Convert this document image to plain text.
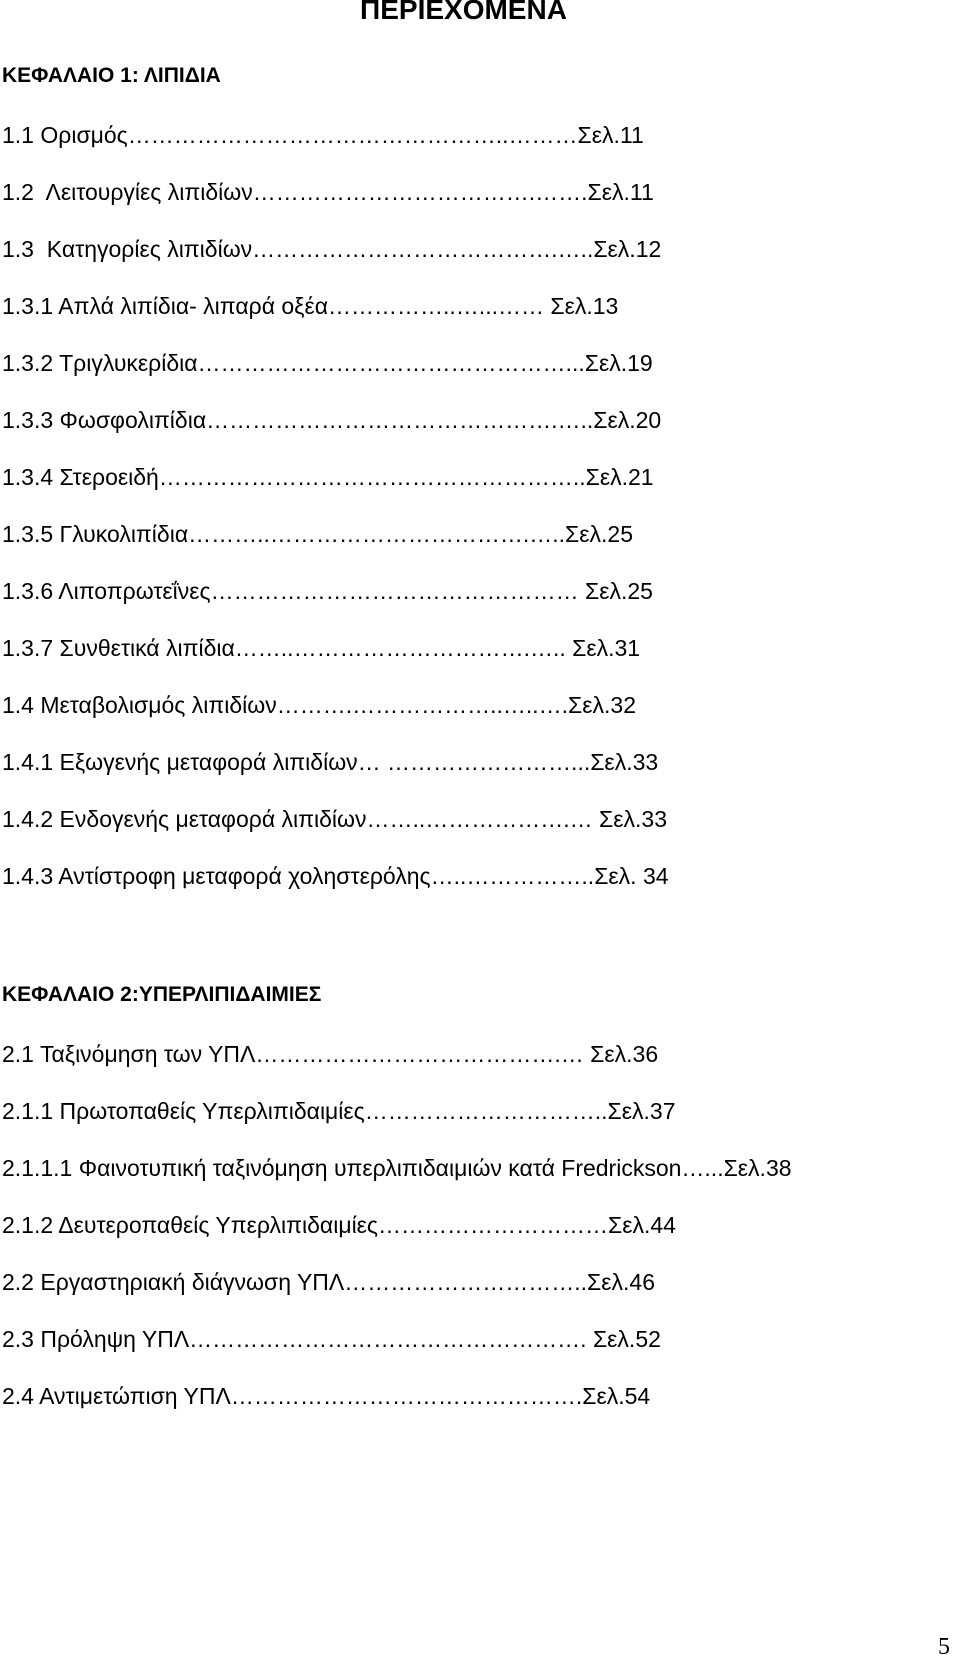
ΠΕΡΙΕΧΟΜΕΝΑ
ΚΕΦΑΛΑΙΟ 1: ΛΙΠΙΔΙΑ
1.1 Ορισμός…………………………………………..………Σελ.11
1.2  Λειτουργίες λιπιδίων……………………………….…….Σελ.11
1.3  Κατηγορίες λιπιδίων………………………………….…..Σελ.12
1.3.1 Απλά λιπίδια- λιπαρά οξέα……………..…...…… Σελ.13
1.3.2 Τριγλυκερίδια…………………………………………...Σελ.19
1.3.3 Φωσφολιπίδια……………………………………….…..Σελ.20
1.3.4 Στεροειδή………………………………………………..Σελ.21
1.3.5 Γλυκολιπίδια………..…………………………….…..Σελ.25
1.3.6 Λιποπρωτεΐνες………………………………………… Σελ.25
1.3.7 Συνθετικά λιπίδια……..………………………….….. Σελ.31
1.4 Μεταβολισμός λιπιδίων……….………………..…..….Σελ.32
1.4.1 Εξωγενής μεταφορά λιπιδίων… ……………………...Σελ.33
1.4.2 Ενδογενής μεταφορά λιπιδίων……..……………….… Σελ.33
1.4.3 Αντίστροφη μεταφορά χοληστερόλης…..……………..Σελ. 34
ΚΕΦΑΛΑΙΟ 2:ΥΠΕΡΛΙΠΙΔΑΙΜΙΕΣ
2.1 Ταξινόμηση των ΥΠΛ………………………………….… Σελ.36
2.1.1 Πρωτοπαθείς Υπερλιπιδαιμίες…………………………..Σελ.37
2.1.1.1 Φαινοτυπική ταξινόμηση υπερλιπιδαιμιών κατά Fredrickson…...Σελ.38
2.1.2 Δευτεροπαθείς Υπερλιπιδαιμίες…………………………Σελ.44
2.2 Εργαστηριακή διάγνωση ΥΠΛ…………………………..Σελ.46
2.3 Πρόληψη ΥΠΛ……………………………………………. Σελ.52
2.4 Αντιμετώπιση ΥΠΛ……………………………………….Σελ.54
5
